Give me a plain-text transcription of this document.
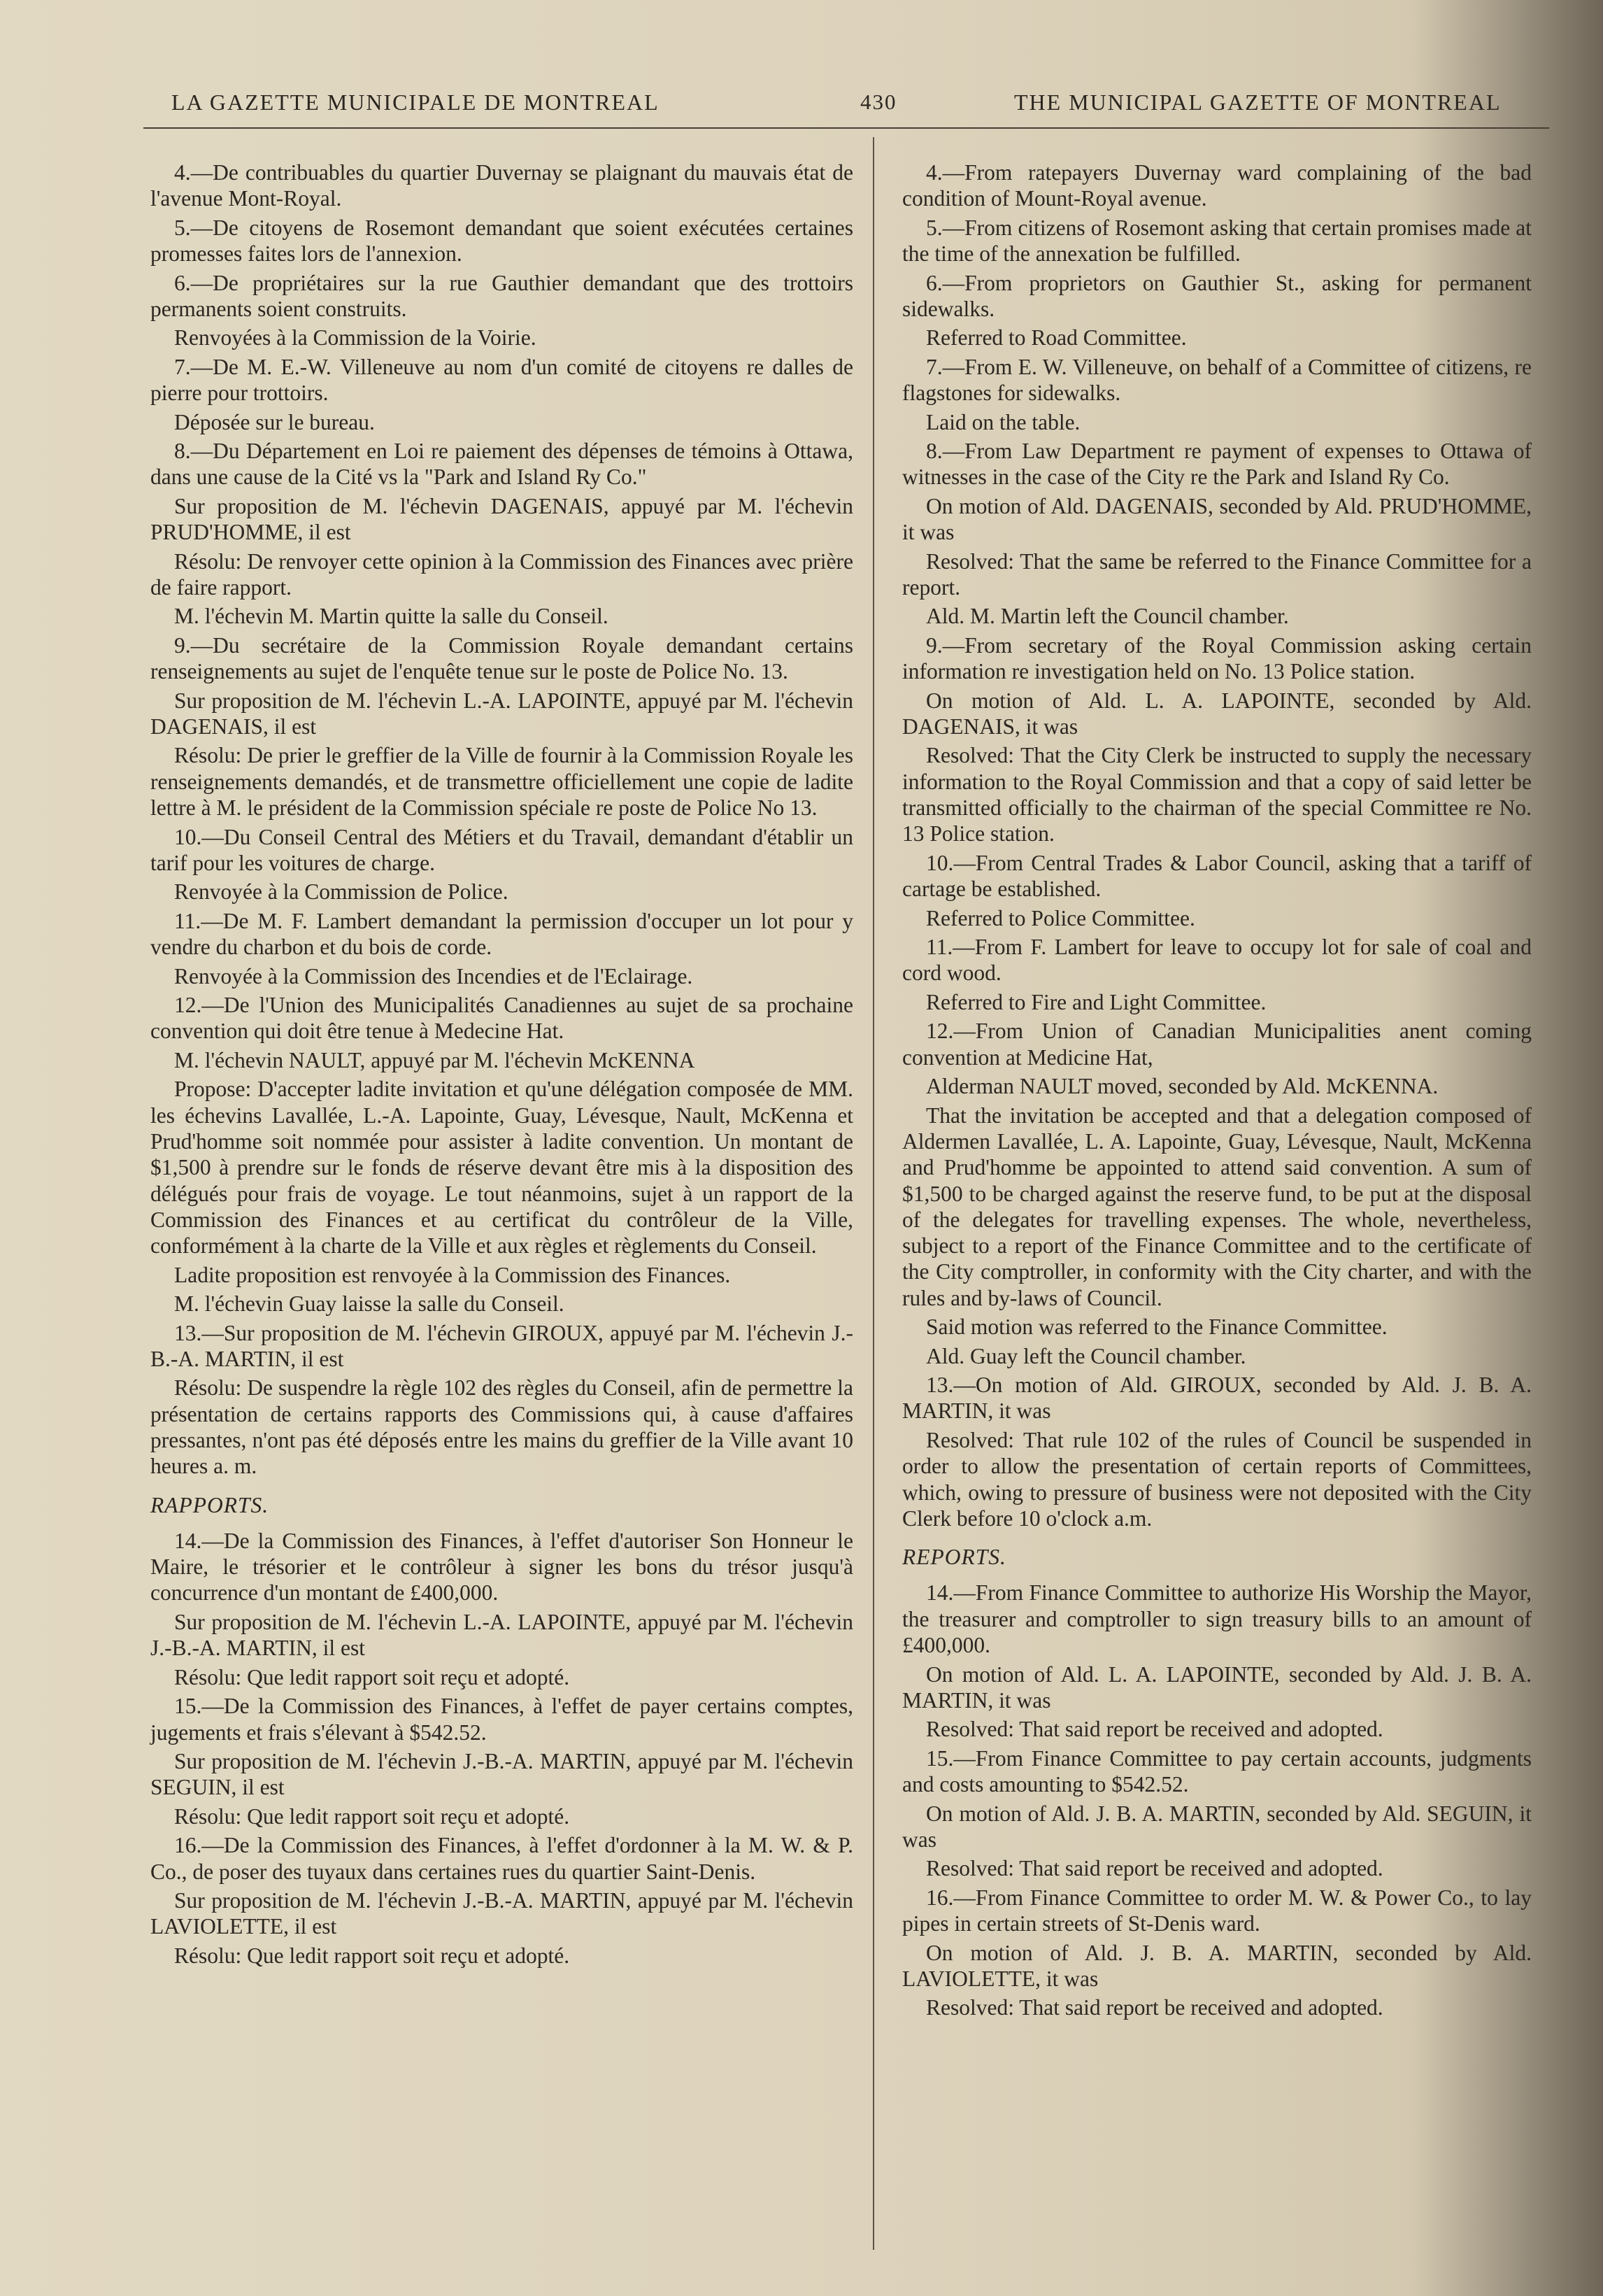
LA GAZETTE MUNICIPALE DE MONTREAL	430	THE MUNICIPAL GAZETTE OF MONTREAL

4.—De contribuables du quartier Duvernay se plaignant du mauvais état de l'avenue Mont-Royal.

5.—De citoyens de Rosemont demandant que soient exécutées certaines promesses faites lors de l'annexion.

6.—De propriétaires sur la rue Gauthier demandant que des trottoirs permanents soient construits.

Renvoyées à la Commission de la Voirie.

7.—De M. E.-W. Villeneuve au nom d'un comité de citoyens re dalles de pierre pour trottoirs.

Déposée sur le bureau.

8.—Du Département en Loi re paiement des dépenses de témoins à Ottawa, dans une cause de la Cité vs la "Park and Island Ry Co."

Sur proposition de M. l'échevin DAGENAIS, appuyé par M. l'échevin PRUD'HOMME, il est

Résolu: De renvoyer cette opinion à la Commission des Finances avec prière de faire rapport.

M. l'échevin M. Martin quitte la salle du Conseil.

9.—Du secrétaire de la Commission Royale demandant certains renseignements au sujet de l'enquête tenue sur le poste de Police No. 13.

Sur proposition de M. l'échevin L.-A. LAPOINTE, appuyé par M. l'échevin DAGENAIS, il est

Résolu: De prier le greffier de la Ville de fournir à la Commission Royale les renseignements demandés, et de transmettre officiellement une copie de ladite lettre à M. le président de la Commission spéciale re poste de Police No 13.

10.—Du Conseil Central des Métiers et du Travail, demandant d'établir un tarif pour les voitures de charge.

Renvoyée à la Commission de Police.

11.—De M. F. Lambert demandant la permission d'occuper un lot pour y vendre du charbon et du bois de corde.

Renvoyée à la Commission des Incendies et de l'Eclairage.

12.—De l'Union des Municipalités Canadiennes au sujet de sa prochaine convention qui doit être tenue à Medecine Hat.

M. l'échevin NAULT, appuyé par M. l'échevin McKENNA

Propose: D'accepter ladite invitation et qu'une délégation composée de MM. les échevins Lavallée, L.-A. Lapointe, Guay, Lévesque, Nault, McKenna et Prud'homme soit nommée pour assister à ladite convention. Un montant de $1,500 à prendre sur le fonds de réserve devant être mis à la disposition des délégués pour frais de voyage. Le tout néanmoins, sujet à un rapport de la Commission des Finances et au certificat du contrôleur de la Ville, conformément à la charte de la Ville et aux règles et règlements du Conseil.

Ladite proposition est renvoyée à la Commission des Finances.

M. l'échevin Guay laisse la salle du Conseil.

13.—Sur proposition de M. l'échevin GIROUX, appuyé par M. l'échevin J.-B.-A. MARTIN, il est

Résolu: De suspendre la règle 102 des règles du Conseil, afin de permettre la présentation de certains rapports des Commissions qui, à cause d'affaires pressantes, n'ont pas été déposés entre les mains du greffier de la Ville avant 10 heures a. m.

RAPPORTS.

14.—De la Commission des Finances, à l'effet d'autoriser Son Honneur le Maire, le trésorier et le contrôleur à signer les bons du trésor jusqu'à concurrence d'un montant de £400,000.

Sur proposition de M. l'échevin L.-A. LAPOINTE, appuyé par M. l'échevin J.-B.-A. MARTIN, il est

Résolu: Que ledit rapport soit reçu et adopté.

15.—De la Commission des Finances, à l'effet de payer certains comptes, jugements et frais s'élevant à $542.52.

Sur proposition de M. l'échevin J.-B.-A. MARTIN, appuyé par M. l'échevin SEGUIN, il est

Résolu: Que ledit rapport soit reçu et adopté.

16.—De la Commission des Finances, à l'effet d'ordonner à la M. W. & P. Co., de poser des tuyaux dans certaines rues du quartier Saint-Denis.

Sur proposition de M. l'échevin J.-B.-A. MARTIN, appuyé par M. l'échevin LAVIOLETTE, il est

Résolu: Que ledit rapport soit reçu et adopté.

4.—From ratepayers Duvernay ward complaining of the bad condition of Mount-Royal avenue.

5.—From citizens of Rosemont asking that certain promises made at the time of the annexation be fulfilled.

6.—From proprietors on Gauthier St., asking for permanent sidewalks.

Referred to Road Committee.

7.—From E. W. Villeneuve, on behalf of a Committee of citizens, re flagstones for sidewalks.

Laid on the table.

8.—From Law Department re payment of expenses to Ottawa of witnesses in the case of the City re the Park and Island Ry Co.

On motion of Ald. DAGENAIS, seconded by Ald. PRUD'HOMME, it was

Resolved: That the same be referred to the Finance Committee for a report.

Ald. M. Martin left the Council chamber.

9.—From secretary of the Royal Commission asking certain information re investigation held on No. 13 Police station.

On motion of Ald. L. A. LAPOINTE, seconded by Ald. DAGENAIS, it was

Resolved: That the City Clerk be instructed to supply the necessary information to the Royal Commission and that a copy of said letter be transmitted officially to the chairman of the special Committee re No. 13 Police station.

10.—From Central Trades & Labor Council, asking that a tariff of cartage be established.

Referred to Police Committee.

11.—From F. Lambert for leave to occupy lot for sale of coal and cord wood.

Referred to Fire and Light Committee.

12.—From Union of Canadian Municipalities anent coming convention at Medicine Hat,

Alderman NAULT moved, seconded by Ald. McKENNA.

That the invitation be accepted and that a delegation composed of Aldermen Lavallée, L. A. Lapointe, Guay, Lévesque, Nault, McKenna and Prud'homme be appointed to attend said convention. A sum of $1,500 to be charged against the reserve fund, to be put at the disposal of the delegates for travelling expenses. The whole, nevertheless, subject to a report of the Finance Committee and to the certificate of the City comptroller, in conformity with the City charter, and with the rules and by-laws of Council.

Said motion was referred to the Finance Committee.

Ald. Guay left the Council chamber.

13.—On motion of Ald. GIROUX, seconded by Ald. J. B. A. MARTIN, it was

Resolved: That rule 102 of the rules of Council be suspended in order to allow the presentation of certain reports of Committees, which, owing to pressure of business were not deposited with the City Clerk before 10 o'clock a.m.

REPORTS.

14.—From Finance Committee to authorize His Worship the Mayor, the treasurer and comptroller to sign treasury bills to an amount of £400,000.

On motion of Ald. L. A. LAPOINTE, seconded by Ald. J. B. A. MARTIN, it was

Resolved: That said report be received and adopted.

15.—From Finance Committee to pay certain accounts, judgments and costs amounting to $542.52.

On motion of Ald. J. B. A. MARTIN, seconded by Ald. SEGUIN, it was

Resolved: That said report be received and adopted.

16.—From Finance Committee to order M. W. & Power Co., to lay pipes in certain streets of St-Denis ward.

On motion of Ald. J. B. A. MARTIN, seconded by Ald. LAVIOLETTE, it was

Resolved: That said report be received and adopted.
